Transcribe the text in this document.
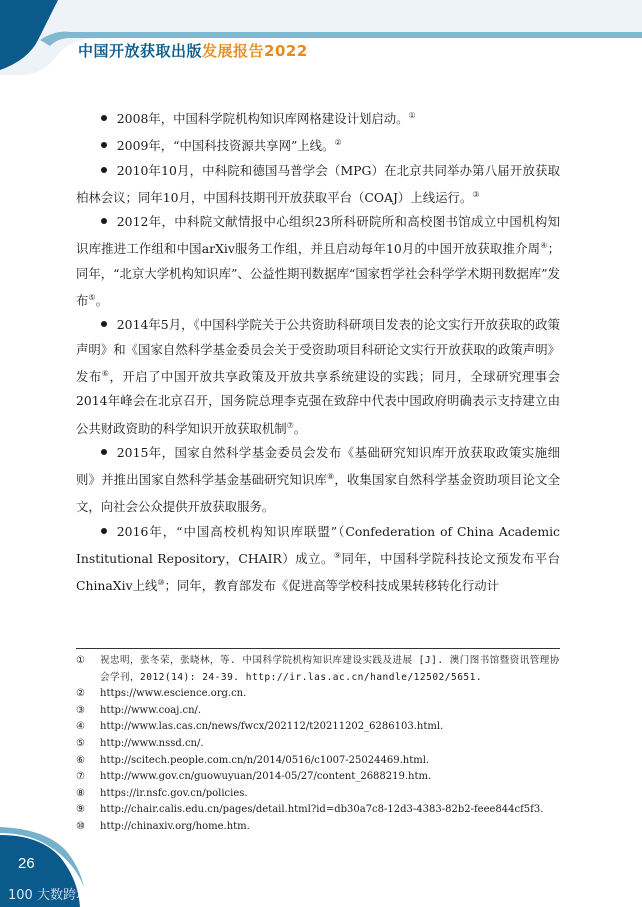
中国开放获取出版发展报告2022

2008年，中国科学院机构知识库网格建设计划启动。①

2009年，“中国科技资源共享网”上线。②

2010年10月，中科院和德国马普学会（MPG）在北京共同举办第八届开放获取柏林会议；同年10月，中国科技期刊开放获取平台（COAJ）上线运行。③

2012年，中科院文献情报中心组织23所科研院所和高校图书馆成立中国机构知识库推进工作组和中国arXiv服务工作组，并且启动每年10月的中国开放获取推介周④；同年，“北京大学机构知识库”、公益性期刊数据库“国家哲学社会科学学术期刊数据库”发布⑤。

2014年5月，《中国科学院关于公共资助科研项目发表的论文实行开放获取的政策声明》和《国家自然科学基金委员会关于受资助项目科研论文实行开放获取的政策声明》发布⑥，开启了中国开放共享政策及开放共享系统建设的实践；同月，全球研究理事会2014年峰会在北京召开，国务院总理李克强在致辞中代表中国政府明确表示支持建立由公共财政资助的科学知识开放获取机制⑦。

2015年，国家自然科学基金委员会发布《基础研究知识库开放获取政策实施细则》并推出国家自然科学基金基础研究知识库⑧，收集国家自然科学基金资助项目论文全文，向社会公众提供开放获取服务。

2016年，“中国高校机构知识库联盟”（Confederation of China Academic Institutional Repository，CHAIR）成立。⑨同年，中国科学院科技论文预发布平台ChinaXiv上线⑩；同年，教育部发布《促进高等学校科技成果转移转化行动计

①	祝忠明，张冬荣，张晓林，等. 中国科学院机构知识库建设实践及进展 [J]. 澳门图书馆暨资讯管理协会学刊，2012(14): 24-39. http://ir.las.ac.cn/handle/12502/5651.
②	https://www.escience.org.cn.
③	http://www.coaj.cn/.
④	http://www.las.cas.cn/news/fwcx/202112/t20211202_6286103.html.
⑤	http://www.nssd.cn/.
⑥	http://scitech.people.com.cn/n/2014/0516/c1007-25024469.html.
⑦	http://www.gov.cn/guowuyuan/2014-05/27/content_2688219.htm.
⑧	https://ir.nsfc.gov.cn/policies.
⑨	http://chair.calis.edu.cn/pages/detail.html?id=db30a7c8-12d3-4383-82b2-feee844cf5f3.
⑩	http://chinaxiv.org/home.htm.
26
100 大数跨境
